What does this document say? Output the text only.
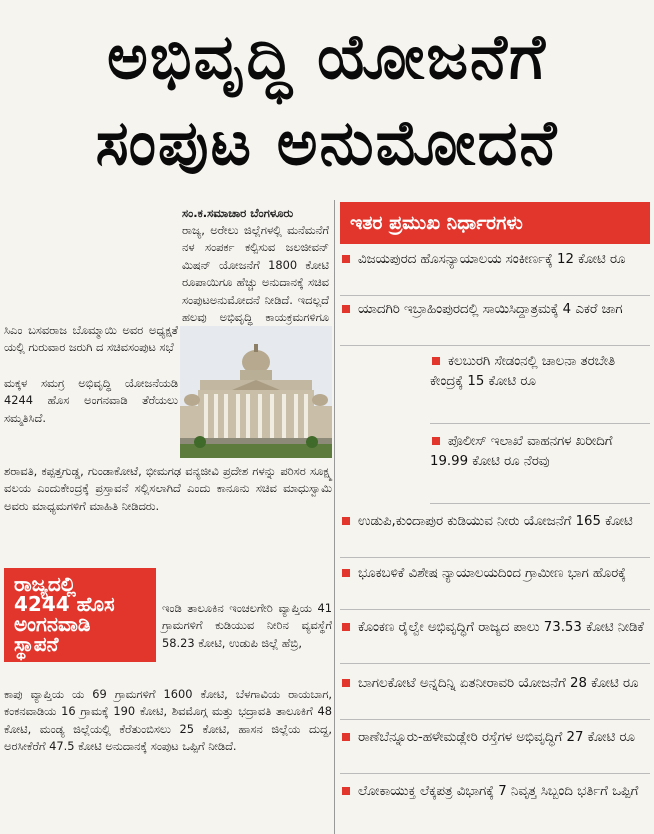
ಅಭಿವೃದ್ಧಿ ಯೋಜನೆಗೆ
ಸಂಪುಟ ಅನುಮೋದನೆ
ಸಂ.ಕ.ಸಮಾಚಾರ ಬೆಂಗಳೂರು
ರಾಜ್ಯ, ಅರೇಲು ಜಿಲ್ಲೆಗಳಲ್ಲಿ ಮನೆಮನೆಗೆ ನಳ ಸಂಪರ್ಕ ಕಲ್ಪಿಸುವ ಜಲಜೀವನ್ ಮಿಷನ್ ಯೋಜನೆಗೆ 1800 ಕೋಟಿ ರೂಪಾಯಿಗೂ ಹೆಚ್ಚು ಅನುದಾನಕ್ಕೆ ಸಚಿವ ಸಂಪುಟಅನುಮೋದನೆ ನೀಡಿದೆ. ಇದಲ್ಲದೆ ಹಲವು ಅಭಿವೃದ್ಧಿ ಕಾಯಕ್ರಮಗಳಿಗೂ
ಸಿಎಂ ಬಸವರಾಜ ಬೊಮ್ಮಾಯಿ ಅವರ ಅಧ್ಯಕ್ಷತೆ ಯಲ್ಲಿ ಗುರುವಾರ ಜರುಗಿ ದ ಸಚಿವಸಂಪುಟ ಸಭೆ
ಮಕ್ಕಳ ಸಮಗ್ರ ಅಭಿವೃದ್ಧಿ ಯೋಜನೆಯಡಿ 4244 ಹೊಸ ಅಂಗನವಾಡಿ ತೆರೆಯಲು ಸಮ್ಮತಿಸಿದೆ.
ಶರಾವತಿ, ಕಪ್ಪತ್ತಗುಡ್ಡ, ಗುಂಡಾಕೋಟೆ, ಭೀಮಗಢ ವನ್ಯಜೀವಿ ಪ್ರದೇಶ ಗಳನ್ನು ಪರಿಸರ ಸೂಕ್ಷ್ಮ ವಲಯ ಎಂದುಕೇಂದ್ರಕ್ಕೆ ಪ್ರಸ್ತಾವನೆ ಸಲ್ಲಿಸಲಾಗಿದೆ ಎಂದು ಕಾನೂನು ಸಚಿವ ಮಾಧುಸ್ವಾಮಿ ಅವರು ಮಾಧ್ಯಮಗಳಿಗೆ ಮಾಹಿತಿ ನೀಡಿದರು.
ರಾಜ್ಯದಲ್ಲಿ
4244 ಹೊಸ
ಅಂಗನವಾಡಿ
ಸ್ಥಾಪನೆ
ಇಂಡಿ ತಾಲೂಕಿನ ಇಂಚಲಗೇರಿ ವ್ಯಾಪ್ತಿಯ 41 ಗ್ರಾಮಗಳಿಗೆ ಕುಡಿಯುವ ನೀರಿನ ವ್ಯವಸ್ಥೆಗೆ 58.23 ಕೋಟಿ, ಉಡುಪಿ ಜಿಲ್ಲೆ ಹೆಬ್ರಿ,
ಕಾಪು ವ್ಯಾಪ್ತಿಯ ಯ 69 ಗ್ರಾಮಗಳಿಗೆ 1600 ಕೋಟಿ, ಬೆಳಗಾವಿಯ ರಾಯಬಾಗ, ಕಂಕನವಾಡಿಯ 16 ಗ್ರಾಮಕ್ಕೆ 190 ಕೋಟಿ, ಶಿವಮೊಗ್ಗ ಮತ್ತು ಭದ್ರಾವತಿ ತಾಲೂಕಿಗೆ 48 ಕೋಟಿ, ಮಂಡ್ಯ ಜಿಲ್ಲೆಯಲ್ಲಿ ಕೆರೆತುಂಬಿಸಲು 25 ಕೋಟಿ, ಹಾಸನ ಜಿಲ್ಲೆಯ ದುದ್ದ, ಅರಸೀಕೆರೆಗೆ 47.5 ಕೋಟಿ ಅನುದಾನಕ್ಕೆ ಸಂಪುಟ ಒಪ್ಪಿಗೆ ನೀಡಿದೆ.
ಇತರ ಪ್ರಮುಖ ನಿರ್ಧಾರಗಳು
ವಿಜಯಪುರದ ಹೊಸನ್ಯಾಯಾಲಯ ಸಂಕೀರ್ಣಕ್ಕೆ 12 ಕೋಟಿ ರೂ
ಯಾದಗಿರಿ ಇಬ್ರಾಹಿಂಪುರದಲ್ಲಿ ಸಾಯಿಸಿದ್ದಾತ್ರಮಕ್ಕೆ 4 ಎಕರೆ ಜಾಗ
ಕಲಬುರಗಿ ಸೇಡಂನಲ್ಲಿ ಚಾಲನಾ ತರಬೇತಿ ಕೇಂದ್ರಕ್ಕೆ 15 ಕೋಟಿ ರೂ
ಪೊಲೀಸ್ ಇಲಾಖೆ ವಾಹನಗಳ ಖರೀದಿಗೆ 19.99 ಕೋಟಿ ರೂ ನೆರವು
ಉಡುಪಿ,ಕುಂದಾಪುರ ಕುಡಿಯುವ ನೀರು ಯೋಜನೆಗೆ 165 ಕೋಟಿ
ಭೂಕಬಳಿಕೆ ವಿಶೇಷ ನ್ಯಾಯಾಲಯದಿಂದ ಗ್ರಾಮೀಣ ಭಾಗ ಹೊರಕ್ಕೆ
ಕೊಂಕಣ ರೈಲ್ವೇ ಅಭಿವೃದ್ಧಿಗೆ ರಾಜ್ಯದ ಪಾಲು 73.53 ಕೋಟಿ ನೀಡಿಕೆ
ಬಾಗಲಕೋಟೆ ಅನ್ನದಿನ್ನಿ ಏತನೀರಾವರಿ ಯೋಜನೆಗೆ 28 ಕೋಟಿ ರೂ
ರಾಣೆಬೆನ್ನೂರು-ಹಳೇಮಡ್ಲೇರಿ ರಸ್ತೆಗಳ ಅಭಿವೃದ್ಧಿಗೆ 27 ಕೋಟಿ ರೂ
ಲೋಕಾಯುಕ್ತ ಲೆಕ್ಕಪತ್ರ ವಿಭಾಗಕ್ಕೆ 7 ನಿವೃತ್ತ ಸಿಬ್ಬಂದಿ ಭರ್ತಿಗೆ ಒಪ್ಪಿಗೆ
